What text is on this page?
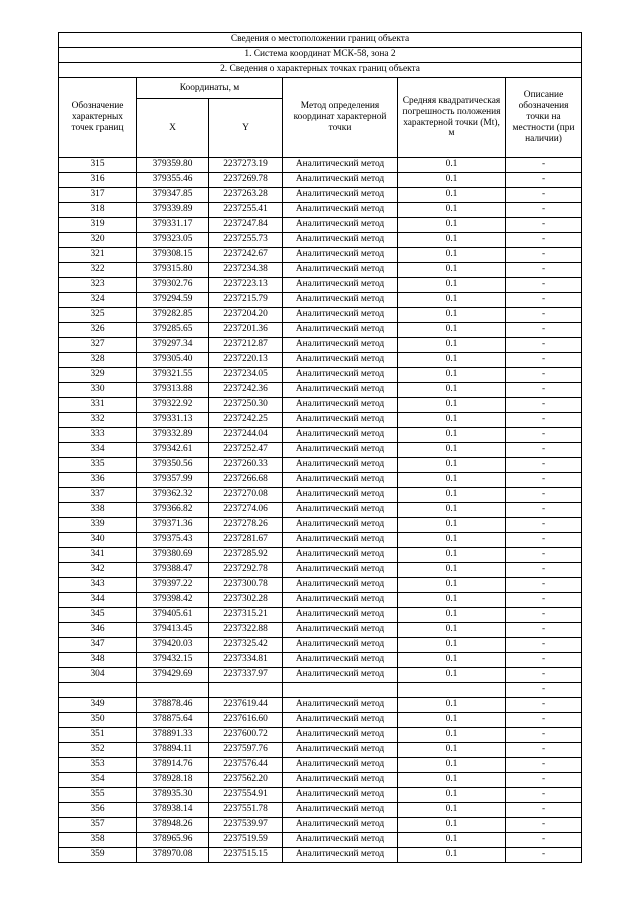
Сведения о местоположении границ объекта					
1. Система координат МСК-58, зона 2					
2. Сведения о характерных точках границ объекта					
Обозначение характерных точек границ	Координаты, м		Метод определения координат характерной точки	Средняя квадратическая погрешность положения характерной точки (Mt), м	Описание обозначения точки на местности (при наличии)
	X	Y			
315	379359.80	2237273.19	Аналитический метод	0.1	-
316	379355.46	2237269.78	Аналитический метод	0.1	-
317	379347.85	2237263.28	Аналитический метод	0.1	-
318	379339.89	2237255.41	Аналитический метод	0.1	-
319	379331.17	2237247.84	Аналитический метод	0.1	-
320	379323.05	2237255.73	Аналитический метод	0.1	-
321	379308.15	2237242.67	Аналитический метод	0.1	-
322	379315.80	2237234.38	Аналитический метод	0.1	-
323	379302.76	2237223.13	Аналитический метод	0.1	-
324	379294.59	2237215.79	Аналитический метод	0.1	-
325	379282.85	2237204.20	Аналитический метод	0.1	-
326	379285.65	2237201.36	Аналитический метод	0.1	-
327	379297.34	2237212.87	Аналитический метод	0.1	-
328	379305.40	2237220.13	Аналитический метод	0.1	-
329	379321.55	2237234.05	Аналитический метод	0.1	-
330	379313.88	2237242.36	Аналитический метод	0.1	-
331	379322.92	2237250.30	Аналитический метод	0.1	-
332	379331.13	2237242.25	Аналитический метод	0.1	-
333	379332.89	2237244.04	Аналитический метод	0.1	-
334	379342.61	2237252.47	Аналитический метод	0.1	-
335	379350.56	2237260.33	Аналитический метод	0.1	-
336	379357.99	2237266.68	Аналитический метод	0.1	-
337	379362.32	2237270.08	Аналитический метод	0.1	-
338	379366.82	2237274.06	Аналитический метод	0.1	-
339	379371.36	2237278.26	Аналитический метод	0.1	-
340	379375.43	2237281.67	Аналитический метод	0.1	-
341	379380.69	2237285.92	Аналитический метод	0.1	-
342	379388.47	2237292.78	Аналитический метод	0.1	-
343	379397.22	2237300.78	Аналитический метод	0.1	-
344	379398.42	2237302.28	Аналитический метод	0.1	-
345	379405.61	2237315.21	Аналитический метод	0.1	-
346	379413.45	2237322.88	Аналитический метод	0.1	-
347	379420.03	2237325.42	Аналитический метод	0.1	-
348	379432.15	2237334.81	Аналитический метод	0.1	-
304	379429.69	2237337.97	Аналитический метод	0.1	-
					-
349	378878.46	2237619.44	Аналитический метод	0.1	-
350	378875.64	2237616.60	Аналитический метод	0.1	-
351	378891.33	2237600.72	Аналитический метод	0.1	-
352	378894.11	2237597.76	Аналитический метод	0.1	-
353	378914.76	2237576.44	Аналитический метод	0.1	-
354	378928.18	2237562.20	Аналитический метод	0.1	-
355	378935.30	2237554.91	Аналитический метод	0.1	-
356	378938.14	2237551.78	Аналитический метод	0.1	-
357	378948.26	2237539.97	Аналитический метод	0.1	-
358	378965.96	2237519.59	Аналитический метод	0.1	-
359	378970.08	2237515.15	Аналитический метод	0.1	-
